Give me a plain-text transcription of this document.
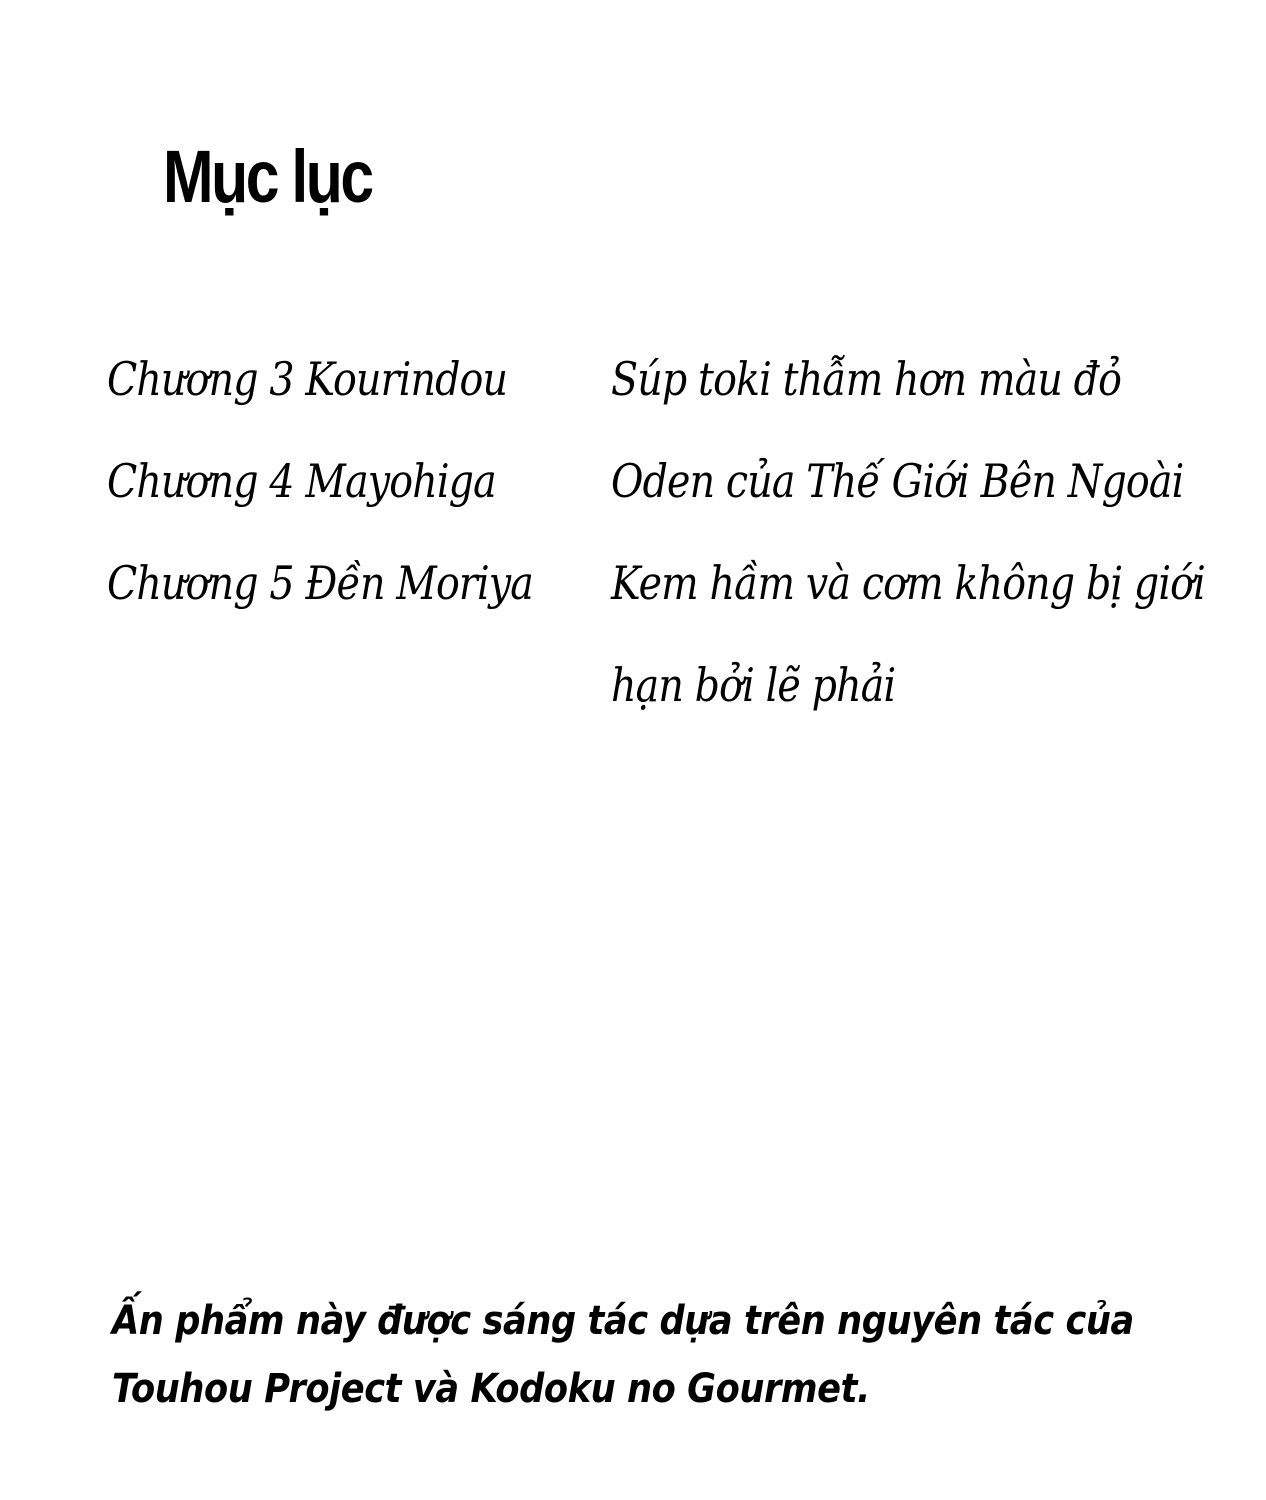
Mục lục
Chương 3 Kourindou Súp toki thẫm hơn màu đỏ
Chương 4 Mayohiga	Oden của Thế Giới Bên Ngoài
Chương 5 Đền Moriya Kem hầm và cơm không bị giới
hạn bởi lẽ phải
Ấn phẩm này được sáng tác dựa trên nguyên tác của
Touhou Project và Kodoku no Gourmet.
